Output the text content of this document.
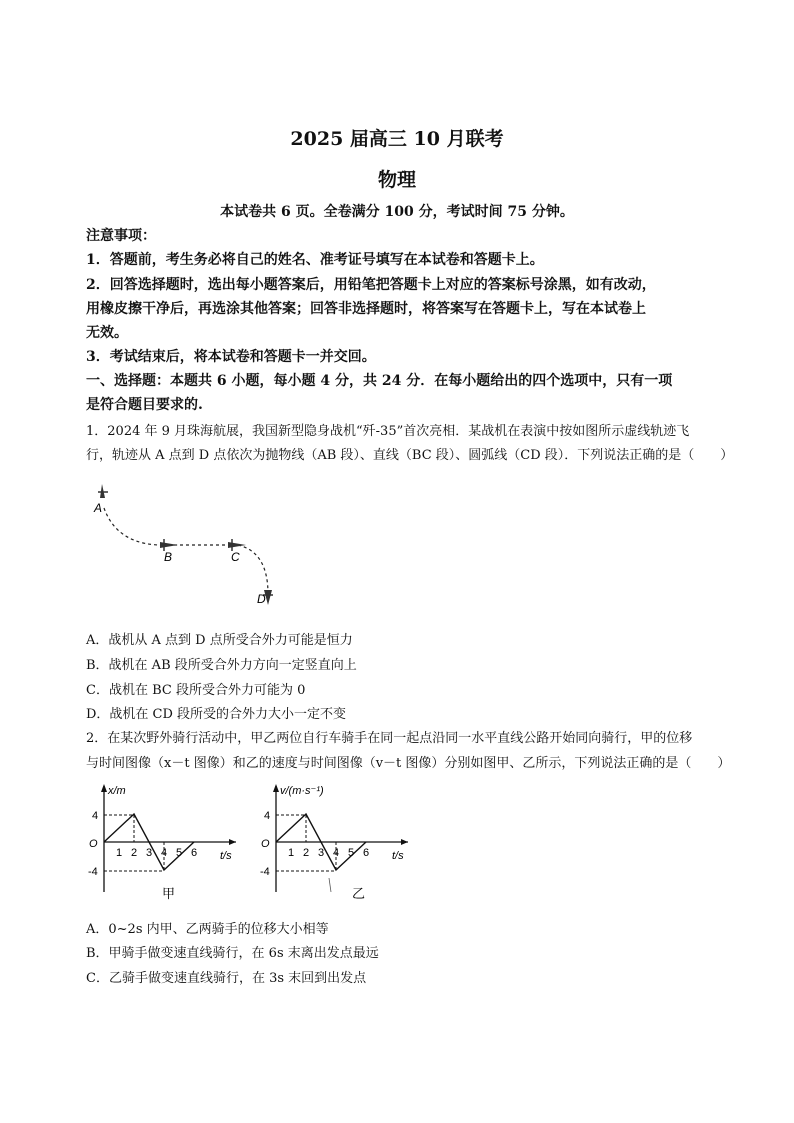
2025 届高三 10 月联考
物理
本试卷共 6 页。全卷满分 100 分，考试时间 75 分钟。
注意事项：
1．答题前，考生务必将自己的姓名、准考证号填写在本试卷和答题卡上。
2．回答选择题时，选出每小题答案后，用铅笔把答题卡上对应的答案标号涂黑，如有改动，
用橡皮擦干净后，再选涂其他答案；回答非选择题时，将答案写在答题卡上，写在本试卷上
无效。
3．考试结束后，将本试卷和答题卡一并交回。
一、选择题：本题共 6 小题，每小题 4 分，共 24 分．在每小题给出的四个选项中，只有一项
是符合题目要求的.
1．2024 年 9 月珠海航展，我国新型隐身战机“歼-35”首次亮相．某战机在表演中按如图所示虚线轨迹飞
行，轨迹从 A 点到 D 点依次为抛物线（AB 段）、直线（BC 段）、圆弧线（CD 段）．下列说法正确的是（　　）
A
B	C
D
A．战机从 A 点到 D 点所受合外力可能是恒力
B．战机在 AB 段所受合外力方向一定竖直向上
C．战机在 BC 段所受合外力可能为 0
D．战机在 CD 段所受的合外力大小一定不变
2．在某次野外骑行活动中，甲乙两位自行车骑手在同一起点沿同一水平直线公路开始同向骑行，甲的位移
与时间图像（x－t 图像）和乙的速度与时间图像（v－t 图像）分别如图甲、乙所示，下列说法正确的是（　　）
x/m
t/s
O
4
-4
1 2 3 4 5 6
甲
v/(m·s⁻¹)
t/s
O
4
-4
1 2 3 4 5 6
乙
A．0~2s 内甲、乙两骑手的位移大小相等
B．甲骑手做变速直线骑行，在 6s 末离出发点最远
C．乙骑手做变速直线骑行，在 3s 末回到出发点
